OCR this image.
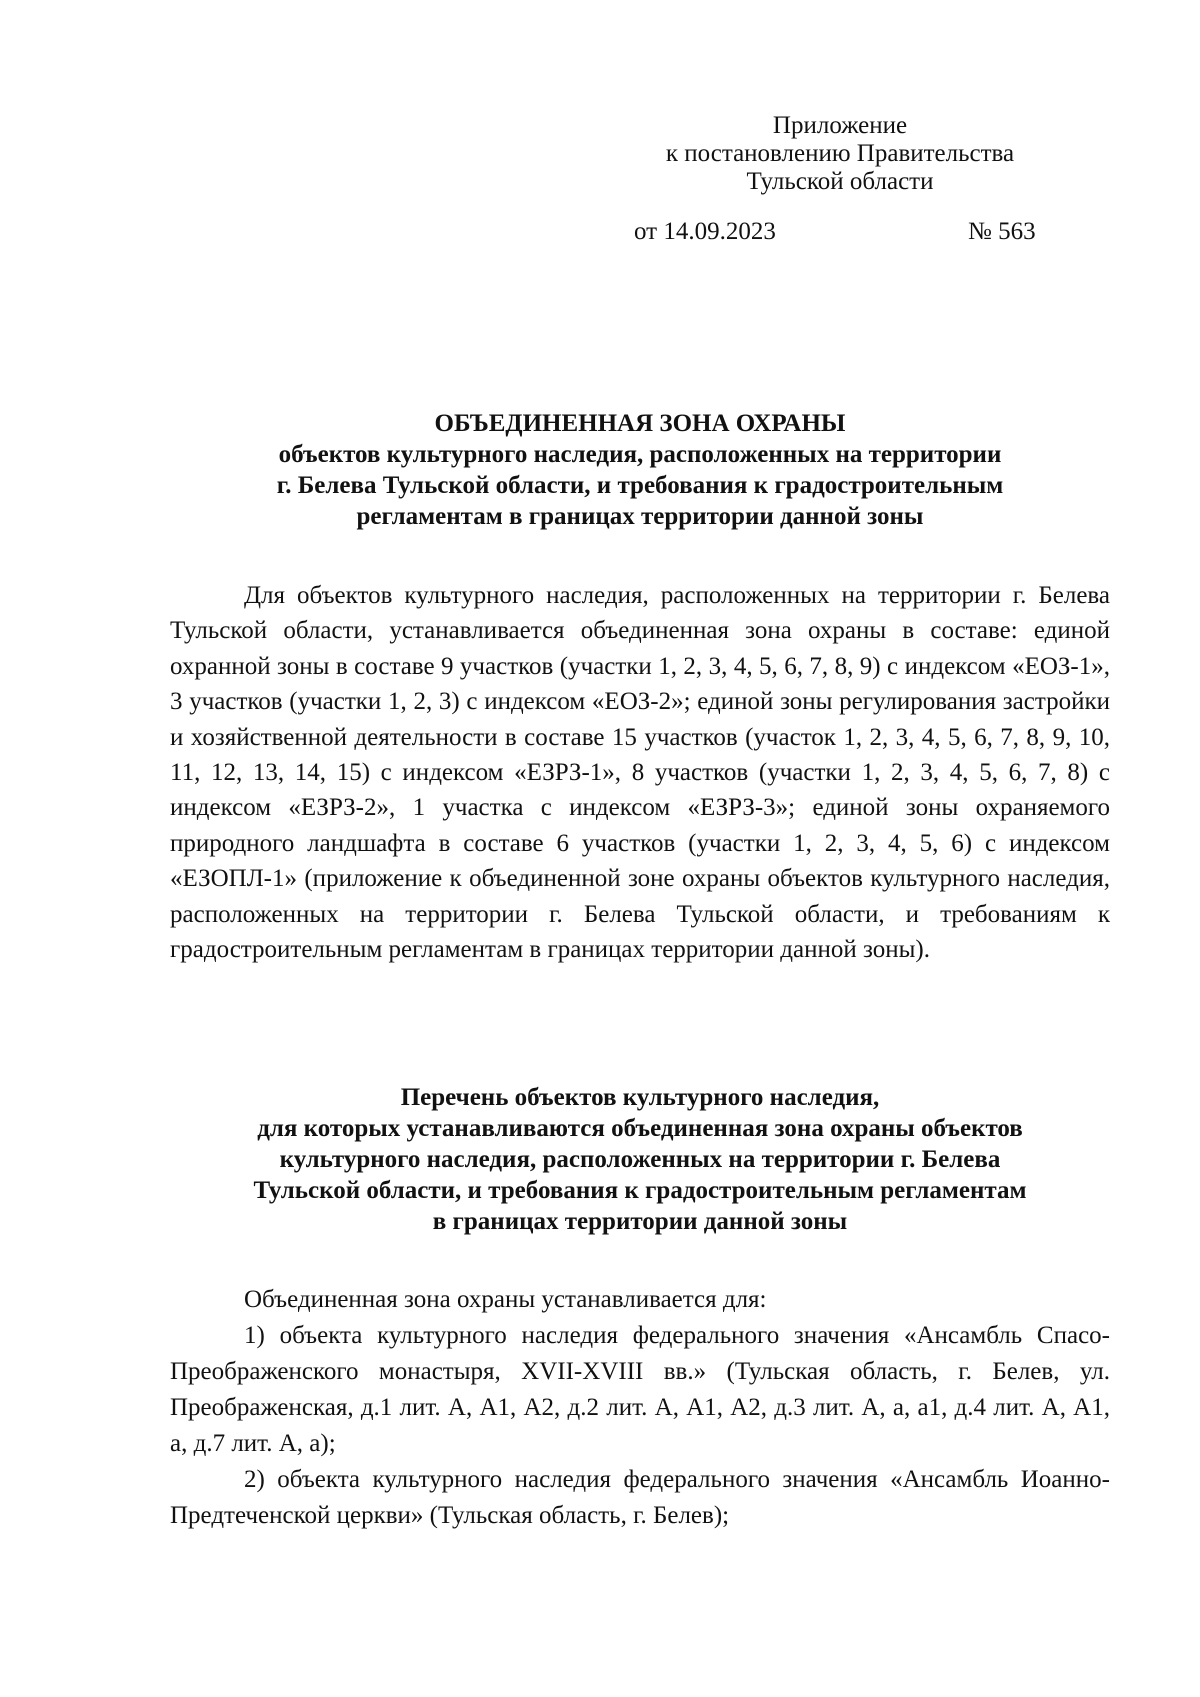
Приложение
к постановлению Правительства
Тульской области
от 14.09.2023	№ 563
ОБЪЕДИНЕННАЯ ЗОНА ОХРАНЫ
объектов культурного наследия, расположенных на территории
г. Белева Тульской области, и требования к градостроительным
регламентам в границах территории данной зоны
Для объектов культурного наследия, расположенных на территории г. Белева Тульской области, устанавливается объединенная зона охраны в составе: единой охранной зоны в составе 9 участков (участки 1, 2, 3, 4, 5, 6, 7, 8, 9) с индексом «ЕОЗ-1», 3 участков (участки 1, 2, 3) с индексом «ЕОЗ-2»; единой зоны регулирования застройки и хозяйственной деятельности в составе 15 участков (участок 1, 2, 3, 4, 5, 6, 7, 8, 9, 10, 11, 12, 13, 14, 15) с индексом «ЕЗРЗ-1», 8 участков (участки 1, 2, 3, 4, 5, 6, 7, 8) с индексом «ЕЗРЗ-2», 1 участка с индексом «ЕЗРЗ-3»; единой зоны охраняемого природного ландшафта в составе 6 участков (участки 1, 2, 3, 4, 5, 6) с индексом «ЕЗОПЛ-1» (приложение к объединенной зоне охраны объектов культурного наследия, расположенных на территории г. Белева Тульской области, и требованиям к градостроительным регламентам в границах территории данной зоны).
Перечень объектов культурного наследия,
для которых устанавливаются объединенная зона охраны объектов
культурного наследия, расположенных на территории г. Белева
Тульской области, и требования к градостроительным регламентам
в границах территории данной зоны

Объединенная зона охраны устанавливается для:

1) объекта культурного наследия федерального значения «Ансамбль Спасо-Преображенского монастыря, XVII-XVIII вв.» (Тульская область, г. Белев, ул. Преображенская, д.1 лит. А, А1, А2, д.2 лит. А, А1, А2, д.3 лит. А, а, а1, д.4 лит. А, А1, а, д.7 лит. А, а);

2) объекта культурного наследия федерального значения «Ансамбль Иоанно-Предтеченской церкви» (Тульская область, г. Белев);
